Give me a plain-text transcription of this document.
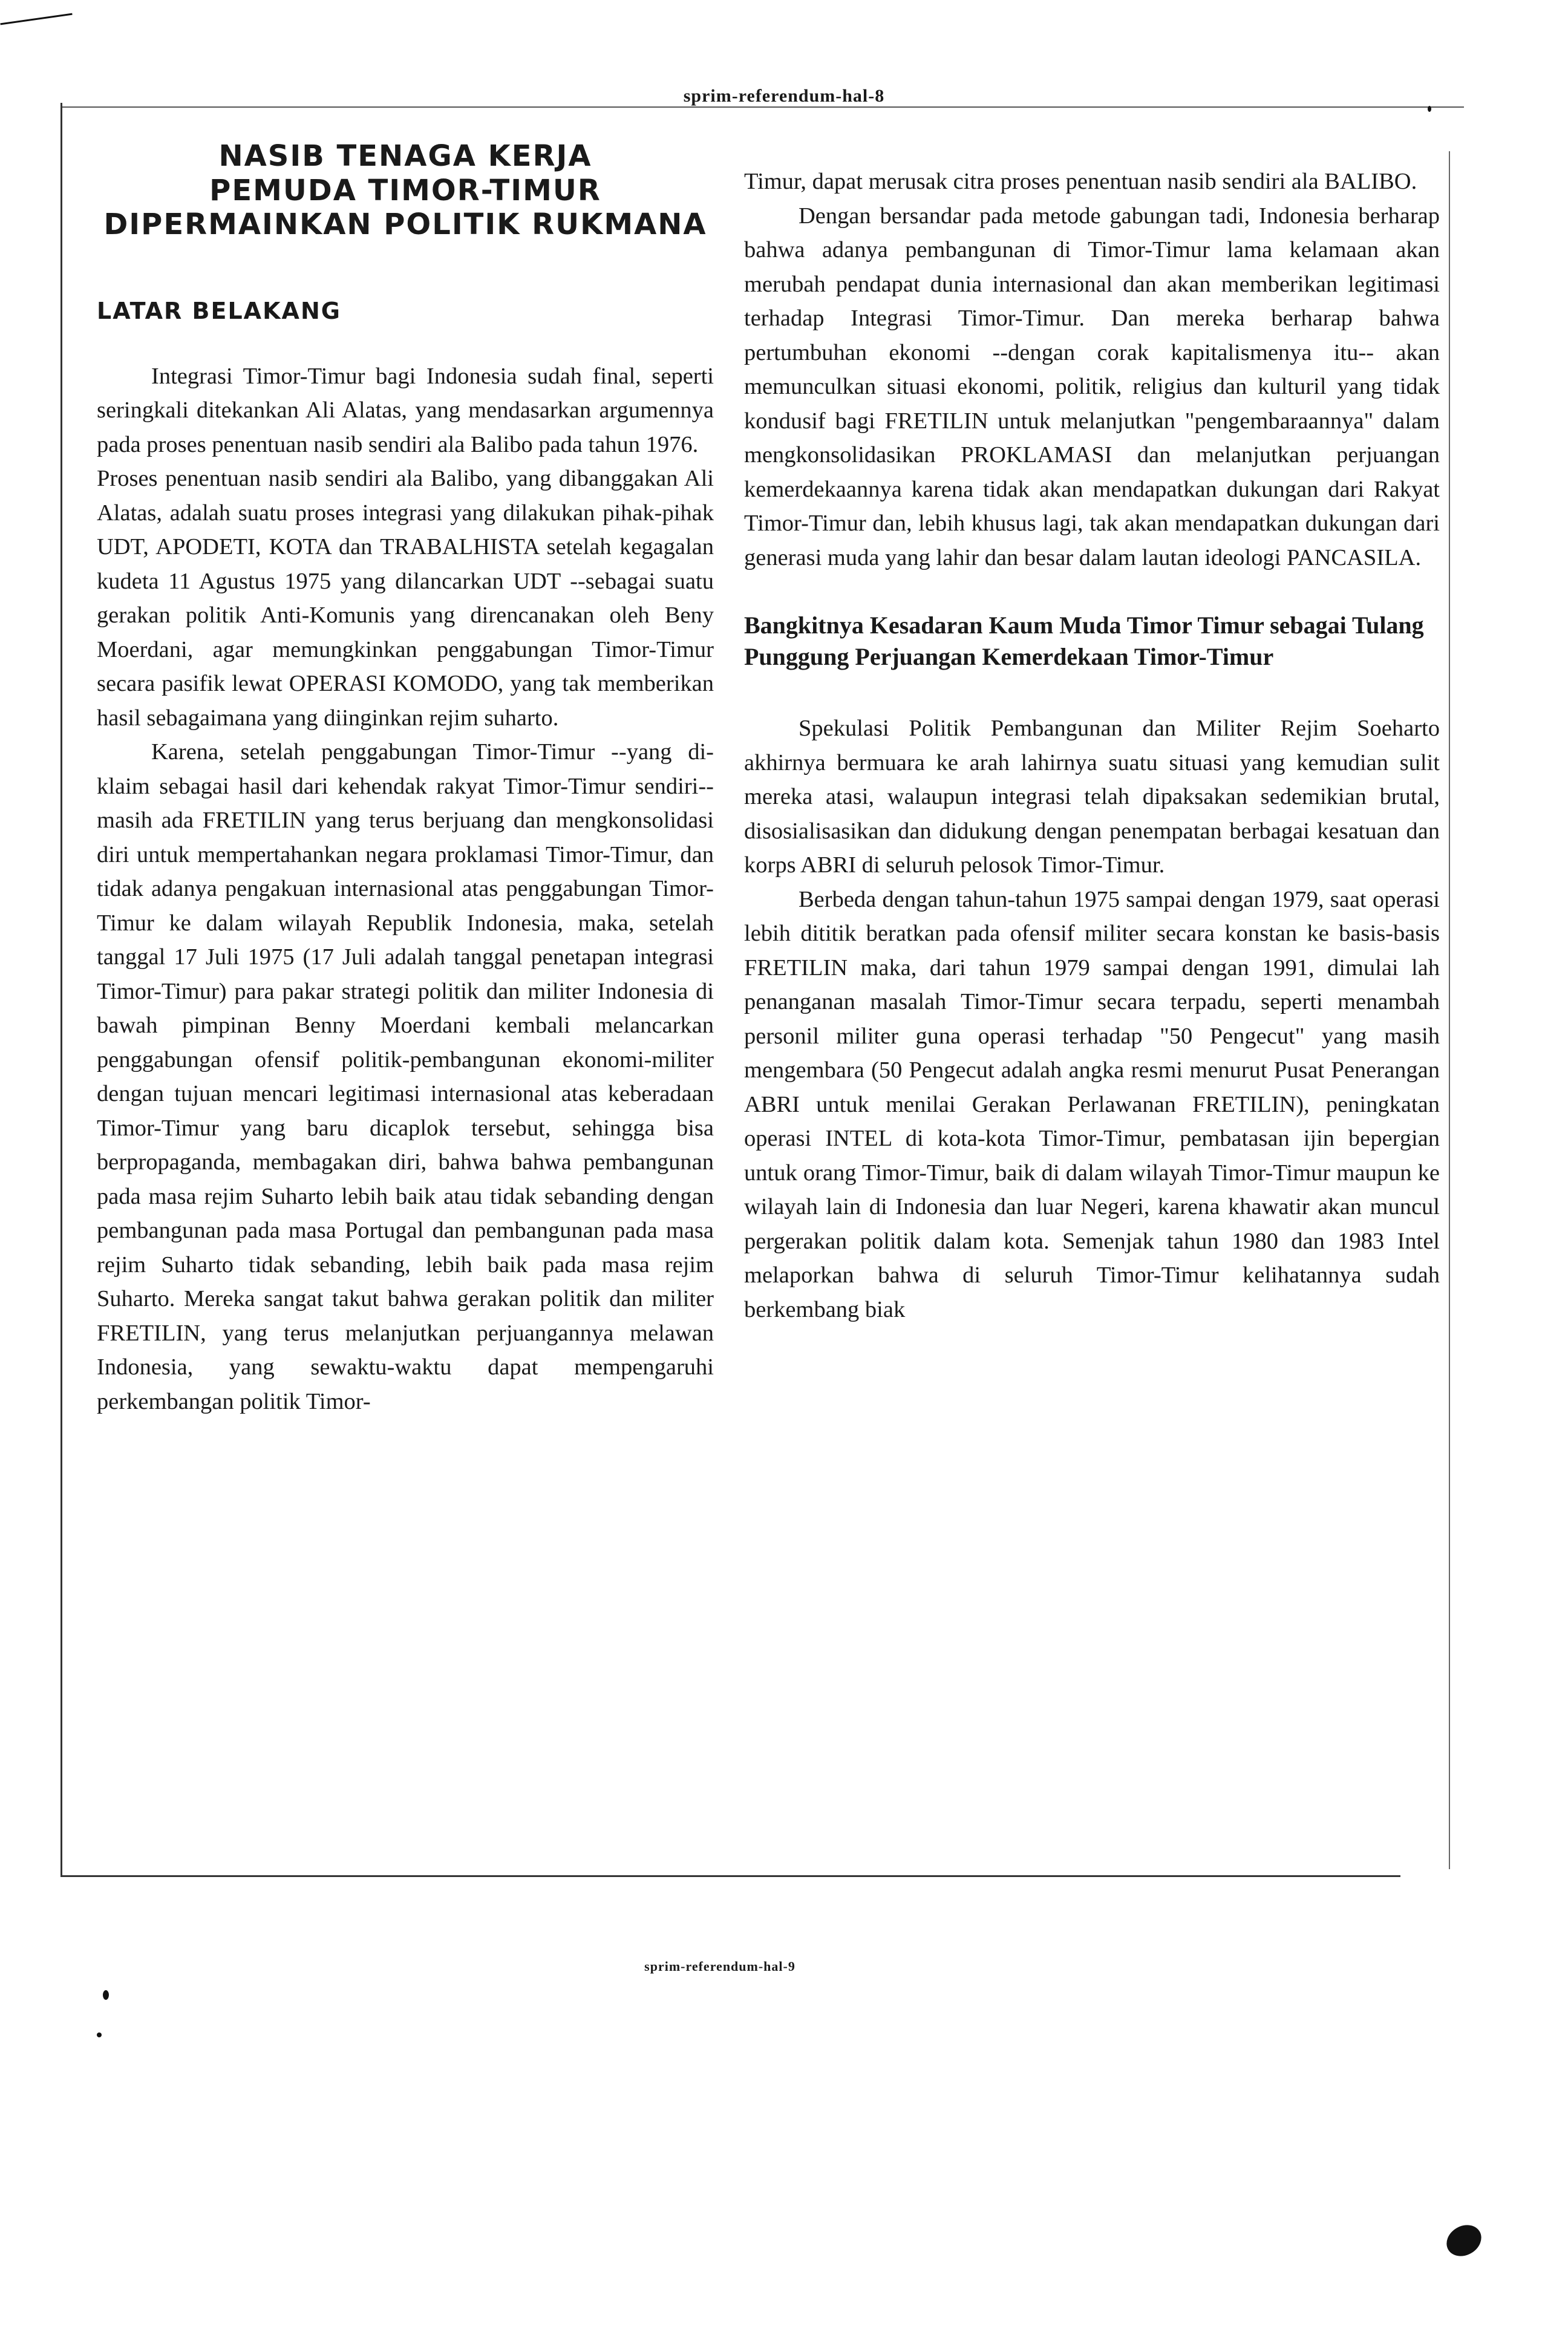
sprim-referendum-hal-8
NASIB TENAGA KERJA
PEMUDA TIMOR-TIMUR
DIPERMAINKAN POLITIK RUKMANA
LATAR BELAKANG

Integrasi Timor-Timur bagi Indonesia sudah final, seperti seringkali ditekankan Ali Alatas, yang mendasarkan argumennya pada proses penentuan nasib sendiri ala Balibo pada tahun 1976.

Proses penentuan nasib sendiri ala Balibo, yang dibanggakan Ali Alatas, adalah suatu proses integrasi yang dilakukan pihak-pihak UDT, APODETI, KOTA dan TRABALHISTA setelah kegagalan kudeta 11 Agustus 1975 yang dilancarkan UDT --sebagai suatu gerakan politik Anti-Komunis yang direncanakan oleh Beny Moerdani, agar memungkinkan penggabungan Timor-Timur secara pasifik lewat OPERASI KOMODO, yang tak memberikan hasil sebagaimana yang diinginkan rejim suharto.

Karena, setelah penggabungan Timor-Timur --yang di-klaim sebagai hasil dari kehendak rakyat Timor-Timur sendiri-- masih ada FRETILIN yang terus berjuang dan mengkonsolidasi diri untuk mempertahankan negara proklamasi Timor-Timur, dan tidak adanya pengakuan internasional atas penggabungan Timor-Timur ke dalam wilayah Republik Indonesia, maka, setelah tanggal 17 Juli 1975 (17 Juli adalah tanggal penetapan integrasi Timor-Timur) para pakar strategi politik dan militer Indonesia di bawah pimpinan Benny Moerdani kembali melancarkan penggabungan ofensif politik-pembangunan ekonomi-militer dengan tujuan mencari legitimasi internasional atas keberadaan Timor-Timur yang baru dicaplok tersebut, sehingga bisa berpropaganda, membagakan diri, bahwa bahwa pembangunan pada masa rejim Suharto lebih baik atau tidak sebanding dengan pembangunan pada masa Portugal dan pembangunan pada masa rejim Suharto tidak sebanding, lebih baik pada masa rejim Suharto. Mereka sangat takut bahwa gerakan politik dan militer FRETILIN, yang terus melanjutkan perjuangannya melawan Indonesia, yang sewaktu-waktu dapat mempengaruhi perkembangan politik Timor-

Timur, dapat merusak citra proses penentuan nasib sendiri ala BALIBO.

Dengan bersandar pada metode gabungan tadi, Indonesia berharap bahwa adanya pembangunan di Timor-Timur lama kelamaan akan merubah pendapat dunia internasional dan akan memberikan legitimasi terhadap Integrasi Timor-Timur. Dan mereka berharap bahwa pertumbuhan ekonomi --dengan corak kapitalismenya itu-- akan memunculkan situasi ekonomi, politik, religius dan kulturil yang tidak kondusif bagi FRETILIN untuk melanjutkan "pengembaraannya" dalam mengkonsolidasikan PROKLAMASI dan melanjutkan perjuangan kemerdekaannya karena tidak akan mendapatkan dukungan dari Rakyat Timor-Timur dan, lebih khusus lagi, tak akan mendapatkan dukungan dari generasi muda yang lahir dan besar dalam lautan ideologi PANCASILA.

Bangkitnya Kesadaran Kaum Muda Timor Timur sebagai Tulang Punggung Perjuangan Kemerdekaan Timor-Timur

Spekulasi Politik Pembangunan dan Militer Rejim Soeharto akhirnya bermuara ke arah lahirnya suatu situasi yang kemudian sulit mereka atasi, walaupun integrasi telah dipaksakan sedemikian brutal, disosialisasikan dan didukung dengan penempatan berbagai kesatuan dan korps ABRI di seluruh pelosok Timor-Timur.

Berbeda dengan tahun-tahun 1975 sampai dengan 1979, saat operasi lebih dititik beratkan pada ofensif militer secara konstan ke basis-basis FRETILIN maka, dari tahun 1979 sampai dengan 1991, dimulai lah penanganan masalah Timor-Timur secara terpadu, seperti menambah personil militer guna operasi terhadap "50 Pengecut" yang masih mengembara (50 Pengecut adalah angka resmi menurut Pusat Penerangan ABRI untuk menilai Gerakan Perlawanan FRETILIN), peningkatan operasi INTEL di kota-kota Timor-Timur, pembatasan ijin bepergian untuk orang Timor-Timur, baik di dalam wilayah Timor-Timur maupun ke wilayah lain di Indonesia dan luar Negeri, karena khawatir akan muncul pergerakan politik dalam kota. Semenjak tahun 1980 dan 1983 Intel melaporkan bahwa di seluruh Timor-Timur kelihatannya sudah berkembang biak

sprim-referendum-hal-9
